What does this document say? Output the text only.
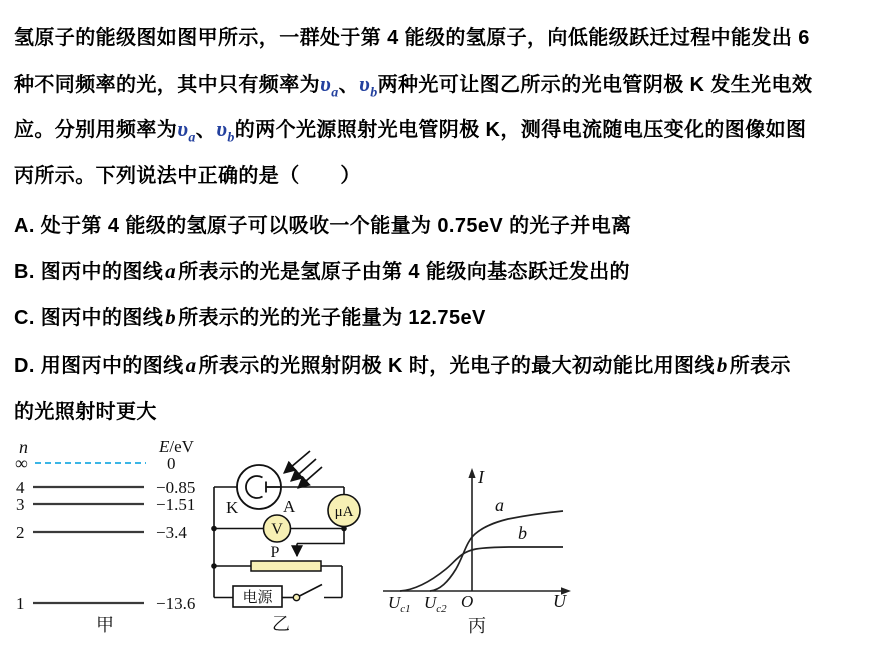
氢原子的能级图如图甲所示，一群处于第 4 能级的氢原子，向低能级跃迁过程中能发出 6
种不同频率的光，其中只有频率为$\upsilon_a$、$\upsilon_b$两种光可让图乙所示的光电管阴极 K 发生光电效
应。分别用频率为$\upsilon_a$、$\upsilon_b$的两个光源照射光电管阴极 K，测得电流随电压变化的图像如图
丙所示。下列说法中正确的是（　　）
A. 处于第 4 能级的氢原子可以吸收一个能量为 0.75eV 的光子并电离
B. 图丙中的图线a 所表示的光是氢原子由第 4 能级向基态跃迁发出的
C. 图丙中的图线b 所表示的光的光子能量为 12.75eV
D. 用图丙中的图线a 所表示的光照射阴极 K 时，光电子的最大初动能比用图线b 所表示
的光照射时更大
n	E/eV
∞	0
4	−0.85
3	−1.51
2	−3.4
1	−13.6
甲
μA
V
P
电源
K	A
乙
I
U
O
a
b
$U_{c1}$ $U_{c2}$
丙
